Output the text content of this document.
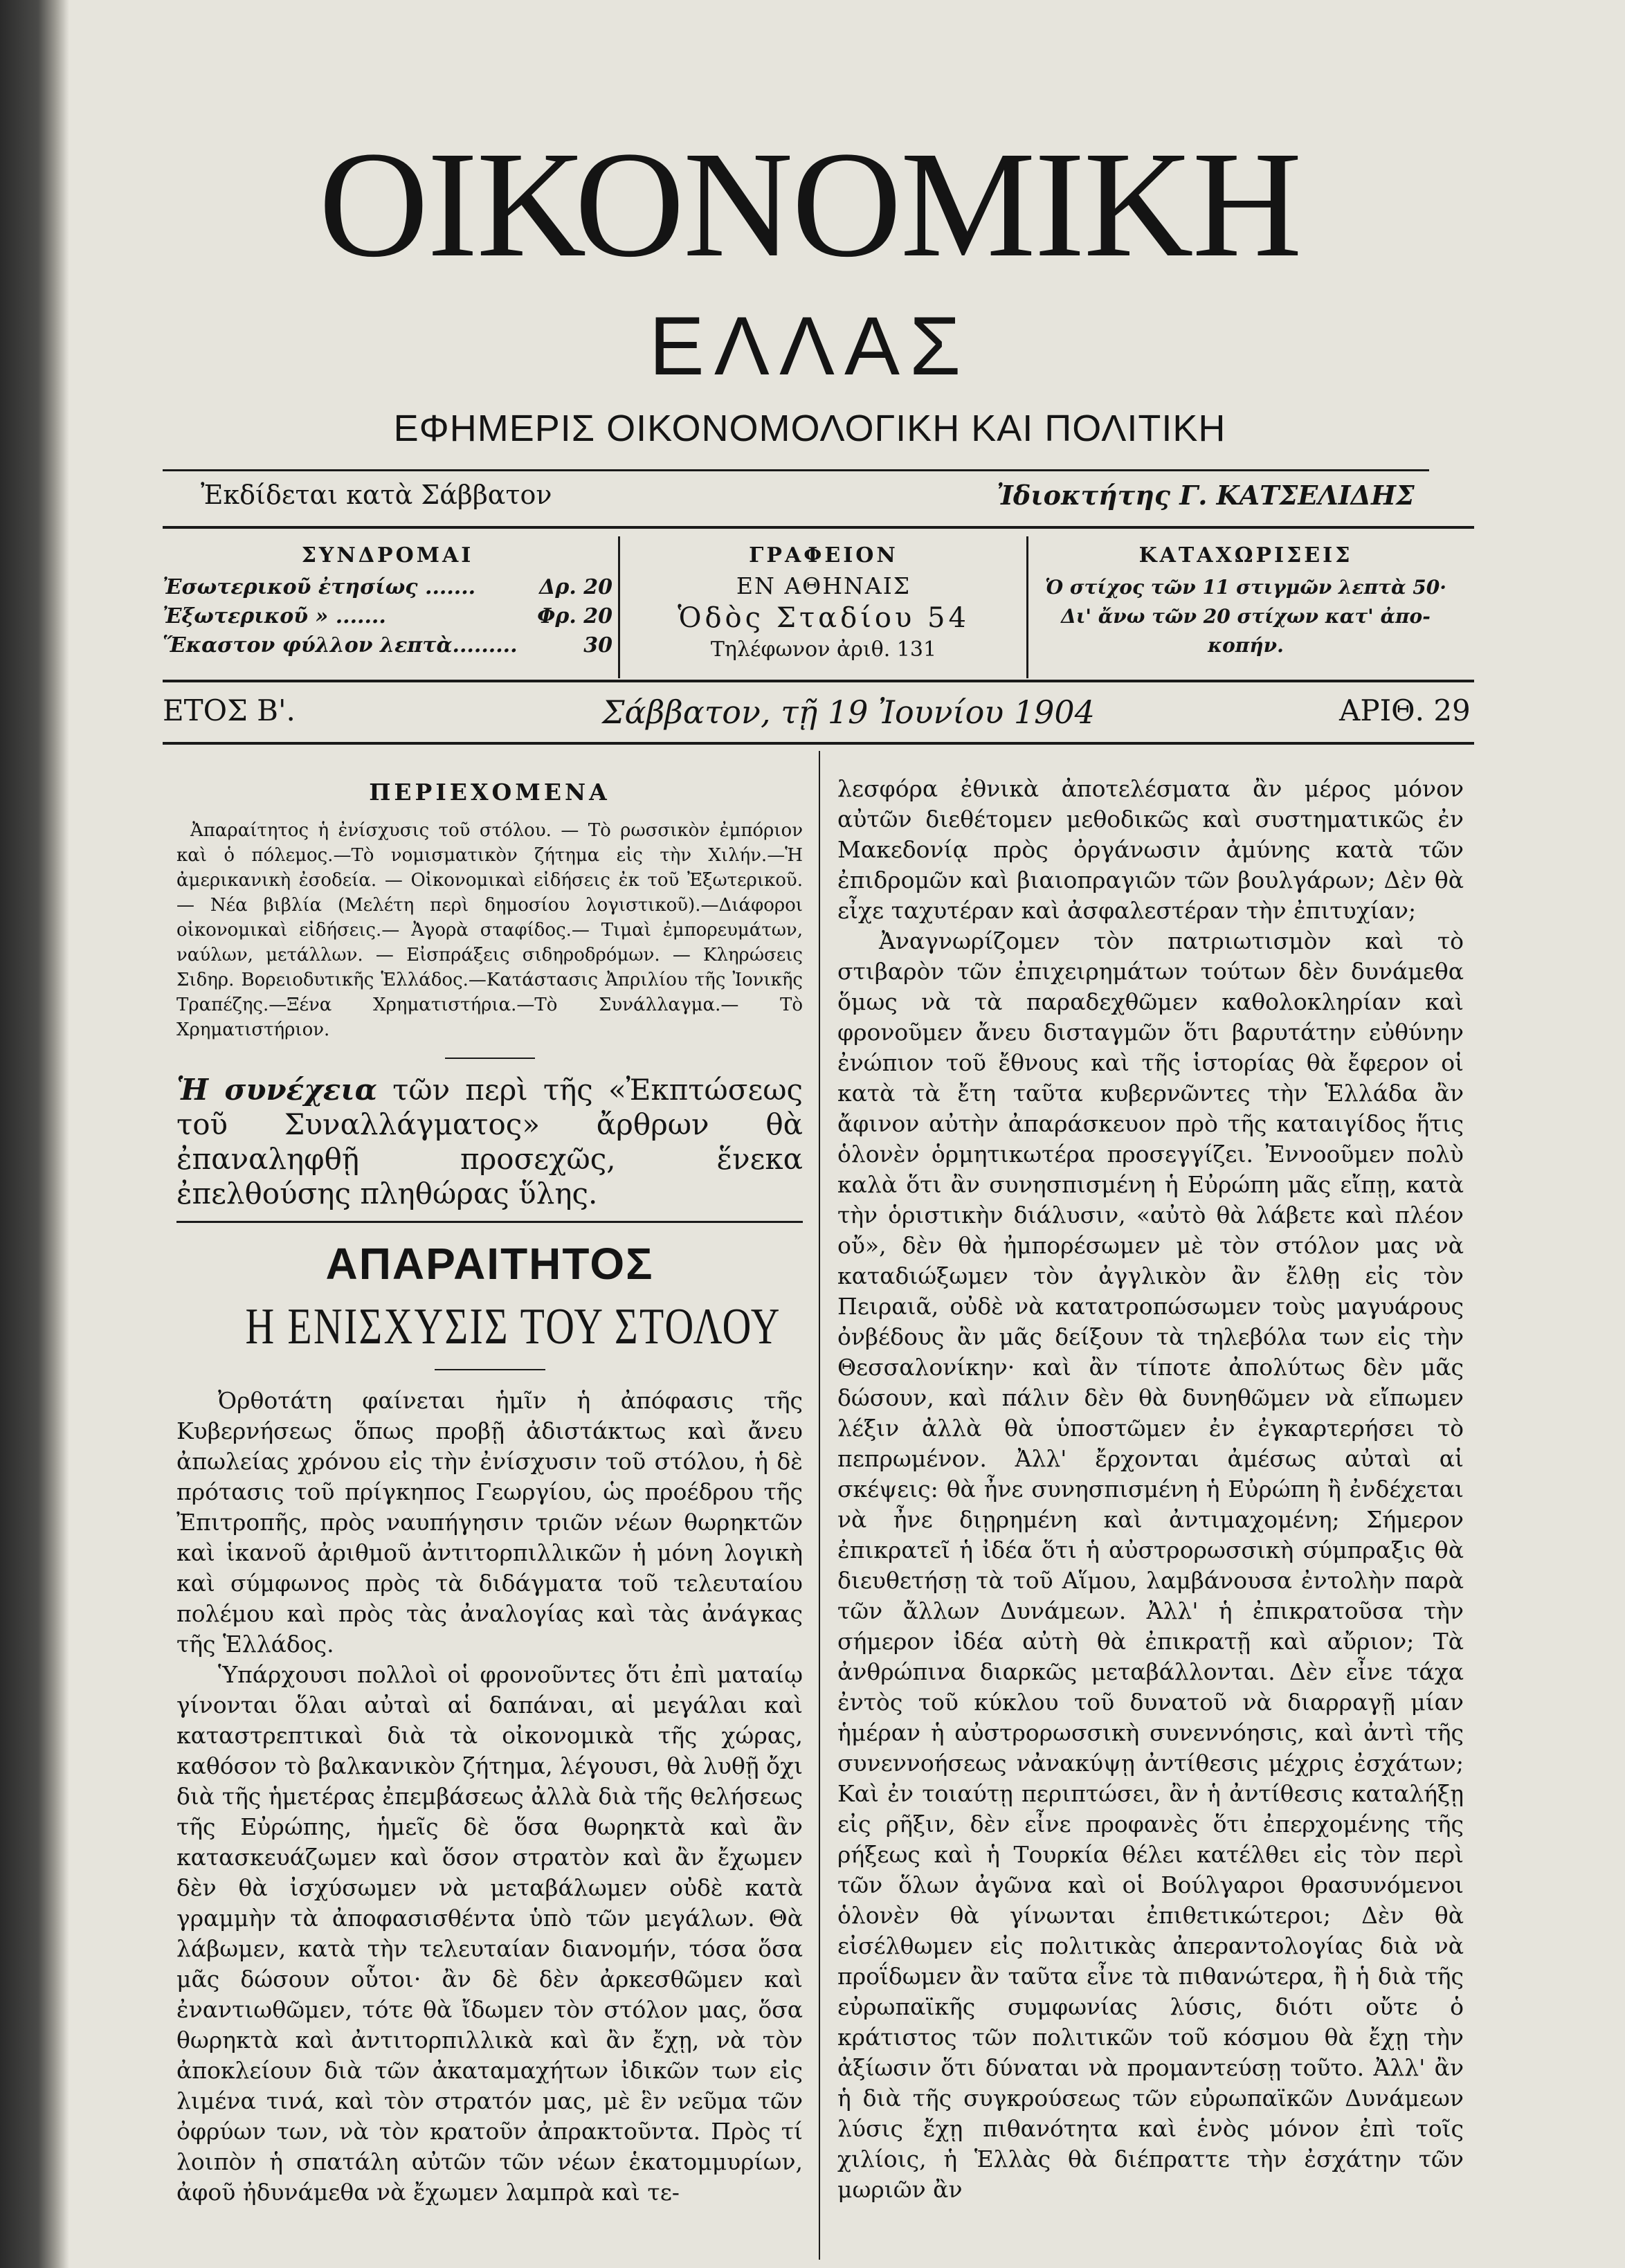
ΟΙΚΟΝΟΜΙΚΗ
ΕΛΛΑΣ
ΕΦΗΜΕΡΙΣ ΟΙΚΟΝΟΜΟΛΟΓΙΚΗ ΚΑΙ ΠΟΛΙΤΙΚΗ
Ἐκδίδεται κατὰ Σάββατον	Ἰδιοκτήτης Γ. ΚΑΤΣΕΛΙΔΗΣ
ΣΥΝΔΡΟΜΑΙ
Ἐσωτερικοῦ ἐτησίως .......	Δρ. 20
Ἐξωτερικοῦ » .......	Φρ. 20
Ἕκαστον φύλλον λεπτὰ.........	30
ΓΡΑΦΕΙΟΝ
ΕΝ ΑΘΗΝΑΙΣ
Ὁδὸς Σταδίου 54
Τηλέφωνον ἀριθ. 131
ΚΑΤΑΧΩΡΙΣΕΙΣ
Ὁ στίχος τῶν 11 στιγμῶν λεπτὰ 50·
Δι' ἄνω τῶν 20 στίχων κατ' ἀπο-
κοπήν.
ΕΤΟΣ Β'.	Σάββατον, τῇ 19 Ἰουνίου 1904	ΑΡΙΘ. 29
ΠΕΡΙΕΧΟΜΕΝΑ
Ἀπαραίτητος ἡ ἐνίσχυσις τοῦ στόλου. — Τὸ ρωσσικὸν ἐμπόριον καὶ ὁ πόλεμος.—Τὸ νομισματικὸν ζήτημα εἰς τὴν Χιλήν.—Ἡ ἀμερικανικὴ ἐσοδεία. — Οἰκονομικαὶ εἰδήσεις ἐκ τοῦ Ἐξωτερικοῦ. — Νέα βιβλία (Μελέτη περὶ δημοσίου λογιστικοῦ).—Διάφοροι οἰκονομικαὶ εἰδήσεις.— Ἀγορὰ σταφίδος.— Τιμαὶ ἐμπορευμάτων, ναύλων, μετάλλων. — Εἰσπράξεις σιδηροδρόμων. — Κληρώσεις Σιδηρ. Βορειοδυτικῆς Ἑλλάδος.—Κατάστασις Ἀπριλίου τῆς Ἰονικῆς Τραπέζης.—Ξένα Χρηματιστήρια.—Τὸ Συνάλλαγμα.— Τὸ Χρηματιστήριον.
Ἡ συνέχεια τῶν περὶ τῆς «Ἐκπτώσεως τοῦ Συναλλάγματος» ἄρθρων θὰ ἐπαναληφθῇ προσεχῶς, ἕνεκα ἐπελθούσης πληθώρας ὕλης.
ΑΠΑΡΑΙΤΗΤΟΣ
Η ΕΝΙΣΧΥΣΙΣ ΤΟΥ ΣΤΟΛΟΥ

Ὀρθοτάτη φαίνεται ἡμῖν ἡ ἀπόφασις τῆς Κυβερνήσεως ὅπως προβῇ ἀδιστάκτως καὶ ἄνευ ἀπωλείας χρόνου εἰς τὴν ἐνίσχυσιν τοῦ στόλου, ἡ δὲ πρότασις τοῦ πρίγκηπος Γεωργίου, ὡς προέδρου τῆς Ἐπιτροπῆς, πρὸς ναυπήγησιν τριῶν νέων θωρηκτῶν καὶ ἱκανοῦ ἀριθμοῦ ἀντιτορπιλλικῶν ἡ μόνη λογικὴ καὶ σύμφωνος πρὸς τὰ διδάγματα τοῦ τελευταίου πολέμου καὶ πρὸς τὰς ἀναλογίας καὶ τὰς ἀνάγκας τῆς Ἑλλάδος.

Ὑπάρχουσι πολλοὶ οἱ φρονοῦντες ὅτι ἐπὶ ματαίῳ γίνονται ὅλαι αὐταὶ αἱ δαπάναι, αἱ μεγάλαι καὶ καταστρεπτικαὶ διὰ τὰ οἰκονομικὰ τῆς χώρας, καθόσον τὸ βαλκανικὸν ζήτημα, λέγουσι, θὰ λυθῇ ὄχι διὰ τῆς ἡμετέρας ἐπεμβάσεως ἀλλὰ διὰ τῆς θελήσεως τῆς Εὐρώπης, ἡμεῖς δὲ ὅσα θωρηκτὰ καὶ ἂν κατασκευάζωμεν καὶ ὅσον στρατὸν καὶ ἂν ἔχωμεν δὲν θὰ ἰσχύσωμεν νὰ μεταβάλωμεν οὐδὲ κατὰ γραμμὴν τὰ ἀποφασισθέντα ὑπὸ τῶν μεγάλων. Θὰ λάβωμεν, κατὰ τὴν τελευταίαν διανομήν, τόσα ὅσα μᾶς δώσουν οὗτοι· ἂν δὲ δὲν ἀρκεσθῶμεν καὶ ἐναντιωθῶμεν, τότε θὰ ἴδωμεν τὸν στόλον μας, ὅσα θωρηκτὰ καὶ ἀντιτορπιλλικὰ καὶ ἂν ἔχῃ, νὰ τὸν ἀποκλείουν διὰ τῶν ἀκαταμαχήτων ἰδικῶν των εἰς λιμένα τινά, καὶ τὸν στρατόν μας, μὲ ἓν νεῦμα τῶν ὀφρύων των, νὰ τὸν κρατοῦν ἀπρακτοῦντα. Πρὸς τί λοιπὸν ἡ σπατάλη αὐτῶν τῶν νέων ἑκατομμυρίων, ἀφοῦ ἠδυνάμεθα νὰ ἔχωμεν λαμπρὰ καὶ τε-

λεσφόρα ἐθνικὰ ἀποτελέσματα ἂν μέρος μόνον αὐτῶν διεθέτομεν μεθοδικῶς καὶ συστηματικῶς ἐν Μακεδονίᾳ πρὸς ὀργάνωσιν ἀμύνης κατὰ τῶν ἐπιδρομῶν καὶ βιαιοπραγιῶν τῶν βουλγάρων; Δὲν θὰ εἶχε ταχυτέραν καὶ ἀσφαλεστέραν τὴν ἐπιτυχίαν;

Ἀναγνωρίζομεν τὸν πατριωτισμὸν καὶ τὸ στιβαρὸν τῶν ἐπιχειρημάτων τούτων δὲν δυνάμεθα ὅμως νὰ τὰ παραδεχθῶμεν καθολοκληρίαν καὶ φρονοῦμεν ἄνευ δισταγμῶν ὅτι βαρυτάτην εὐθύνην ἐνώπιον τοῦ ἔθνους καὶ τῆς ἱστορίας θὰ ἔφερον οἱ κατὰ τὰ ἔτη ταῦτα κυβερνῶντες τὴν Ἑλλάδα ἂν ἄφινον αὐτὴν ἀπαράσκευον πρὸ τῆς καταιγίδος ἥτις ὁλονὲν ὁρμητικωτέρα προσεγγίζει. Ἐννοοῦμεν πολὺ καλὰ ὅτι ἂν συνησπισμένη ἡ Εὐρώπη μᾶς εἴπῃ, κατὰ τὴν ὁριστικὴν διάλυσιν, «αὐτὸ θὰ λάβετε καὶ πλέον οὔ», δὲν θὰ ἠμπορέσωμεν μὲ τὸν στόλον μας νὰ καταδιώξωμεν τὸν ἀγγλικὸν ἂν ἔλθῃ εἰς τὸν Πειραιᾶ, οὐδὲ νὰ κατατροπώσωμεν τοὺς μαγυάρους ὀνβέδους ἂν μᾶς δείξουν τὰ τηλεβόλα των εἰς τὴν Θεσσαλονίκην· καὶ ἂν τίποτε ἀπολύτως δὲν μᾶς δώσουν, καὶ πάλιν δὲν θὰ δυνηθῶμεν νὰ εἴπωμεν λέξιν ἀλλὰ θὰ ὑποστῶμεν ἐν ἐγκαρτερήσει τὸ πεπρωμένον. Ἀλλ' ἔρχονται ἀμέσως αὐταὶ αἱ σκέψεις: θὰ ἦνε συνησπισμένη ἡ Εὐρώπη ἢ ἐνδέχεται νὰ ἦνε διῃρημένη καὶ ἀντιμαχομένη; Σήμερον ἐπικρατεῖ ἡ ἰδέα ὅτι ἡ αὐστρορωσσικὴ σύμπραξις θὰ διευθετήσῃ τὰ τοῦ Αἵμου, λαμβάνουσα ἐντολὴν παρὰ τῶν ἄλλων Δυνάμεων. Ἀλλ' ἡ ἐπικρατοῦσα τὴν σήμερον ἰδέα αὐτὴ θὰ ἐπικρατῇ καὶ αὔριον; Τὰ ἀνθρώπινα διαρκῶς μεταβάλλονται. Δὲν εἶνε τάχα ἐντὸς τοῦ κύκλου τοῦ δυνατοῦ νὰ διαρραγῇ μίαν ἡμέραν ἡ αὐστρορωσσικὴ συνεννόησις, καὶ ἀντὶ τῆς συνεννοήσεως νἀνακύψῃ ἀντίθεσις μέχρις ἐσχάτων; Καὶ ἐν τοιαύτῃ περιπτώσει, ἂν ἡ ἀντίθεσις καταλήξῃ εἰς ρῆξιν, δὲν εἶνε προφανὲς ὅτι ἐπερχομένης τῆς ρήξεως καὶ ἡ Τουρκία θέλει κατέλθει εἰς τὸν περὶ τῶν ὅλων ἀγῶνα καὶ οἱ Βούλγαροι θρασυνόμενοι ὁλονὲν θὰ γίνωνται ἐπιθετικώτεροι; Δὲν θὰ εἰσέλθωμεν εἰς πολιτικὰς ἀπεραντολογίας διὰ νὰ προΐδωμεν ἂν ταῦτα εἶνε τὰ πιθανώτερα, ἢ ἡ διὰ τῆς εὐρωπαϊκῆς συμφωνίας λύσις, διότι οὔτε ὁ κράτιστος τῶν πολιτικῶν τοῦ κόσμου θὰ ἔχῃ τὴν ἀξίωσιν ὅτι δύναται νὰ προμαντεύσῃ τοῦτο. Ἀλλ' ἂν ἡ διὰ τῆς συγκρούσεως τῶν εὐρωπαϊκῶν Δυνάμεων λύσις ἔχῃ πιθανότητα καὶ ἑνὸς μόνον ἐπὶ τοῖς χιλίοις, ἡ Ἑλλὰς θὰ διέπραττε τὴν ἐσχάτην τῶν μωριῶν ἂν
